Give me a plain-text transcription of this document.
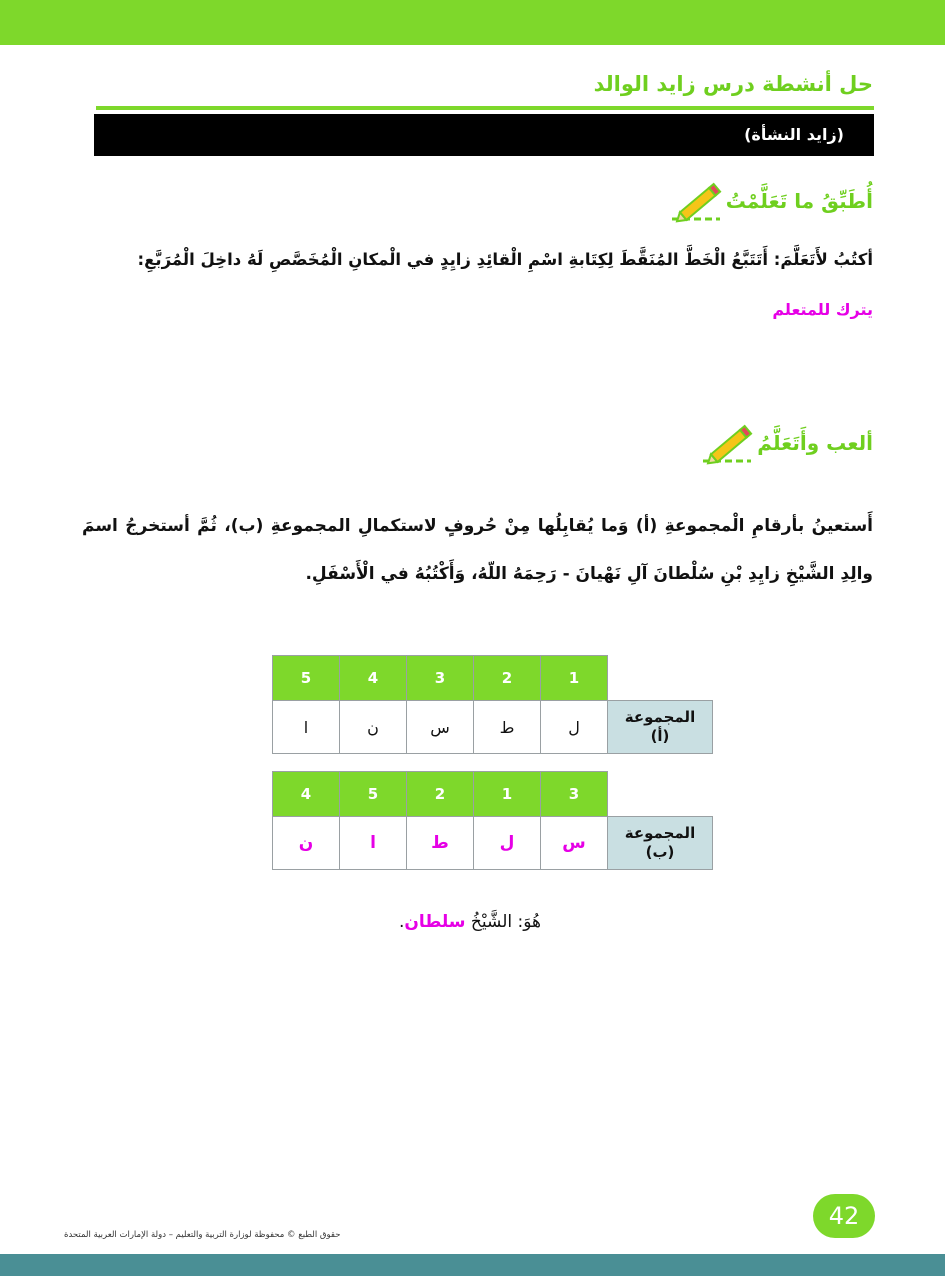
حل أنشطة درس زايد الوالد
(زايد النشأة)
أُطَبِّقُ ما تَعَلَّمْتُ

أكتُبُ لأَتَعَلَّمَ: أَتَتَبَّعُ الْخَطَّ المُنَقَّطَ لِكِتَابةِ اسْمِ الْقائِدِ زايِدٍ في الْمكانِ الْمُخَصَّصِ لَهُ داخِلَ الْمُرَبَّعِ:

يترك للمتعلم

ألعب وأَتَعَلَّمُ

أَستعينُ بأرقامِ الْمجموعةِ (أ) وَما يُقابِلُها مِنْ حُروفٍ لاستكمالِ المجموعةِ (ب)، ثُمَّ أستخرجُ اسمَ والِدِ الشَّيْخِ زايِدِ بْنِ سُلْطانَ آلِ نَهْيانَ - رَحِمَهُ اللّهُ، وَأَكْتُبُهُ في الْأَسْفَلِ.

5	4	3	2	1	
ا	ن	س	ط	ل	المجموعة
(أ)
4	5	2	1	3	
ن	ا	ط	ل	س	المجموعة
(ب)

هُوَ: الشَّيْخُ سلطان.

42

حقوق الطبع © محفوظة لوزارة التربية والتعليم – دولة الإمارات العربية المتحدة
